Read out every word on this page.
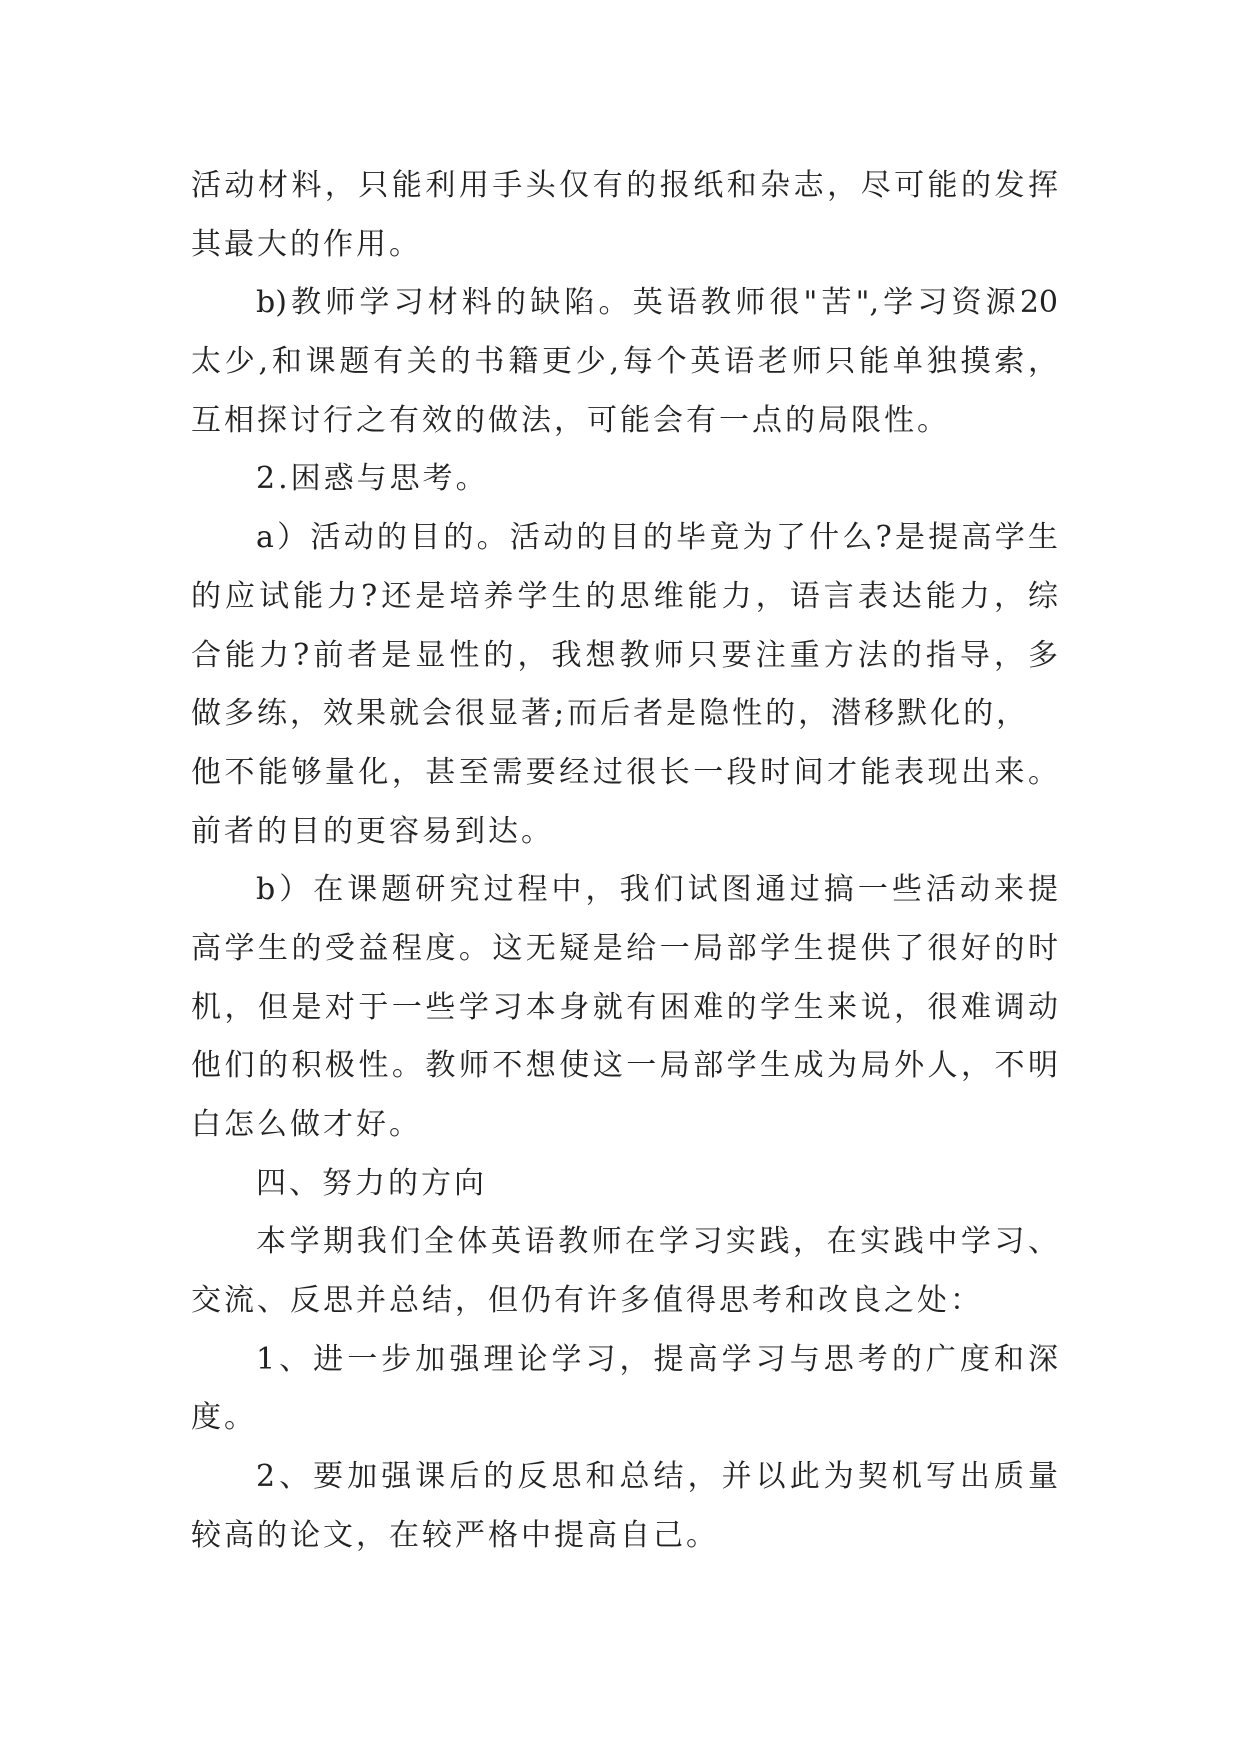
活动材料，只能利用手头仅有的报纸和杂志，尽可能的发挥
其最大的作用。
b)教师学习材料的缺陷。英语教师很"苦",学习资源20
太少,和课题有关的书籍更少,每个英语老师只能单独摸索，
互相探讨行之有效的做法，可能会有一点的局限性。
2.困惑与思考。
a）活动的目的。活动的目的毕竟为了什么?是提高学生
的应试能力?还是培养学生的思维能力，语言表达能力，综
合能力?前者是显性的，我想教师只要注重方法的指导，多
做多练，效果就会很显著;而后者是隐性的，潜移默化的，
他不能够量化，甚至需要经过很长一段时间才能表现出来。
前者的目的更容易到达。
b）在课题研究过程中，我们试图通过搞一些活动来提
高学生的受益程度。这无疑是给一局部学生提供了很好的时
机，但是对于一些学习本身就有困难的学生来说，很难调动
他们的积极性。教师不想使这一局部学生成为局外人，不明
白怎么做才好。
四、努力的方向
本学期我们全体英语教师在学习实践，在实践中学习、
交流、反思并总结，但仍有许多值得思考和改良之处：
1、进一步加强理论学习，提高学习与思考的广度和深
度。
2、要加强课后的反思和总结，并以此为契机写出质量
较高的论文，在较严格中提高自己。
